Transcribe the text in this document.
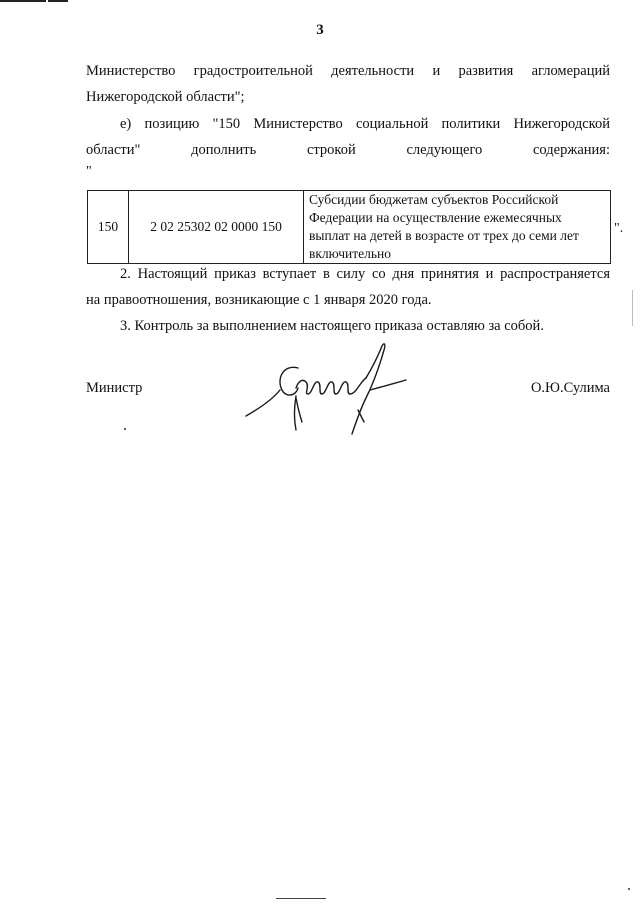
3
Министерство градостроительной деятельности и развития агломераций
Нижегородской области";
е) позицию "150 Министерство социальной политики Нижегородской
области" дополнить строкой следующего содержания:
"
150	2 02 25302 02 0000 150	Субсидии бюджетам субъектов Российской Федерации на осуществление ежемесячных выплат на детей в возрасте от трех до семи лет включительно
".
2. Настоящий приказ вступает в силу со дня принятия и распространяется
на правоотношения, возникающие с 1 января 2020 года.
3. Контроль за выполнением настоящего приказа оставляю за собой.
Министр	О.Ю.Сулима
